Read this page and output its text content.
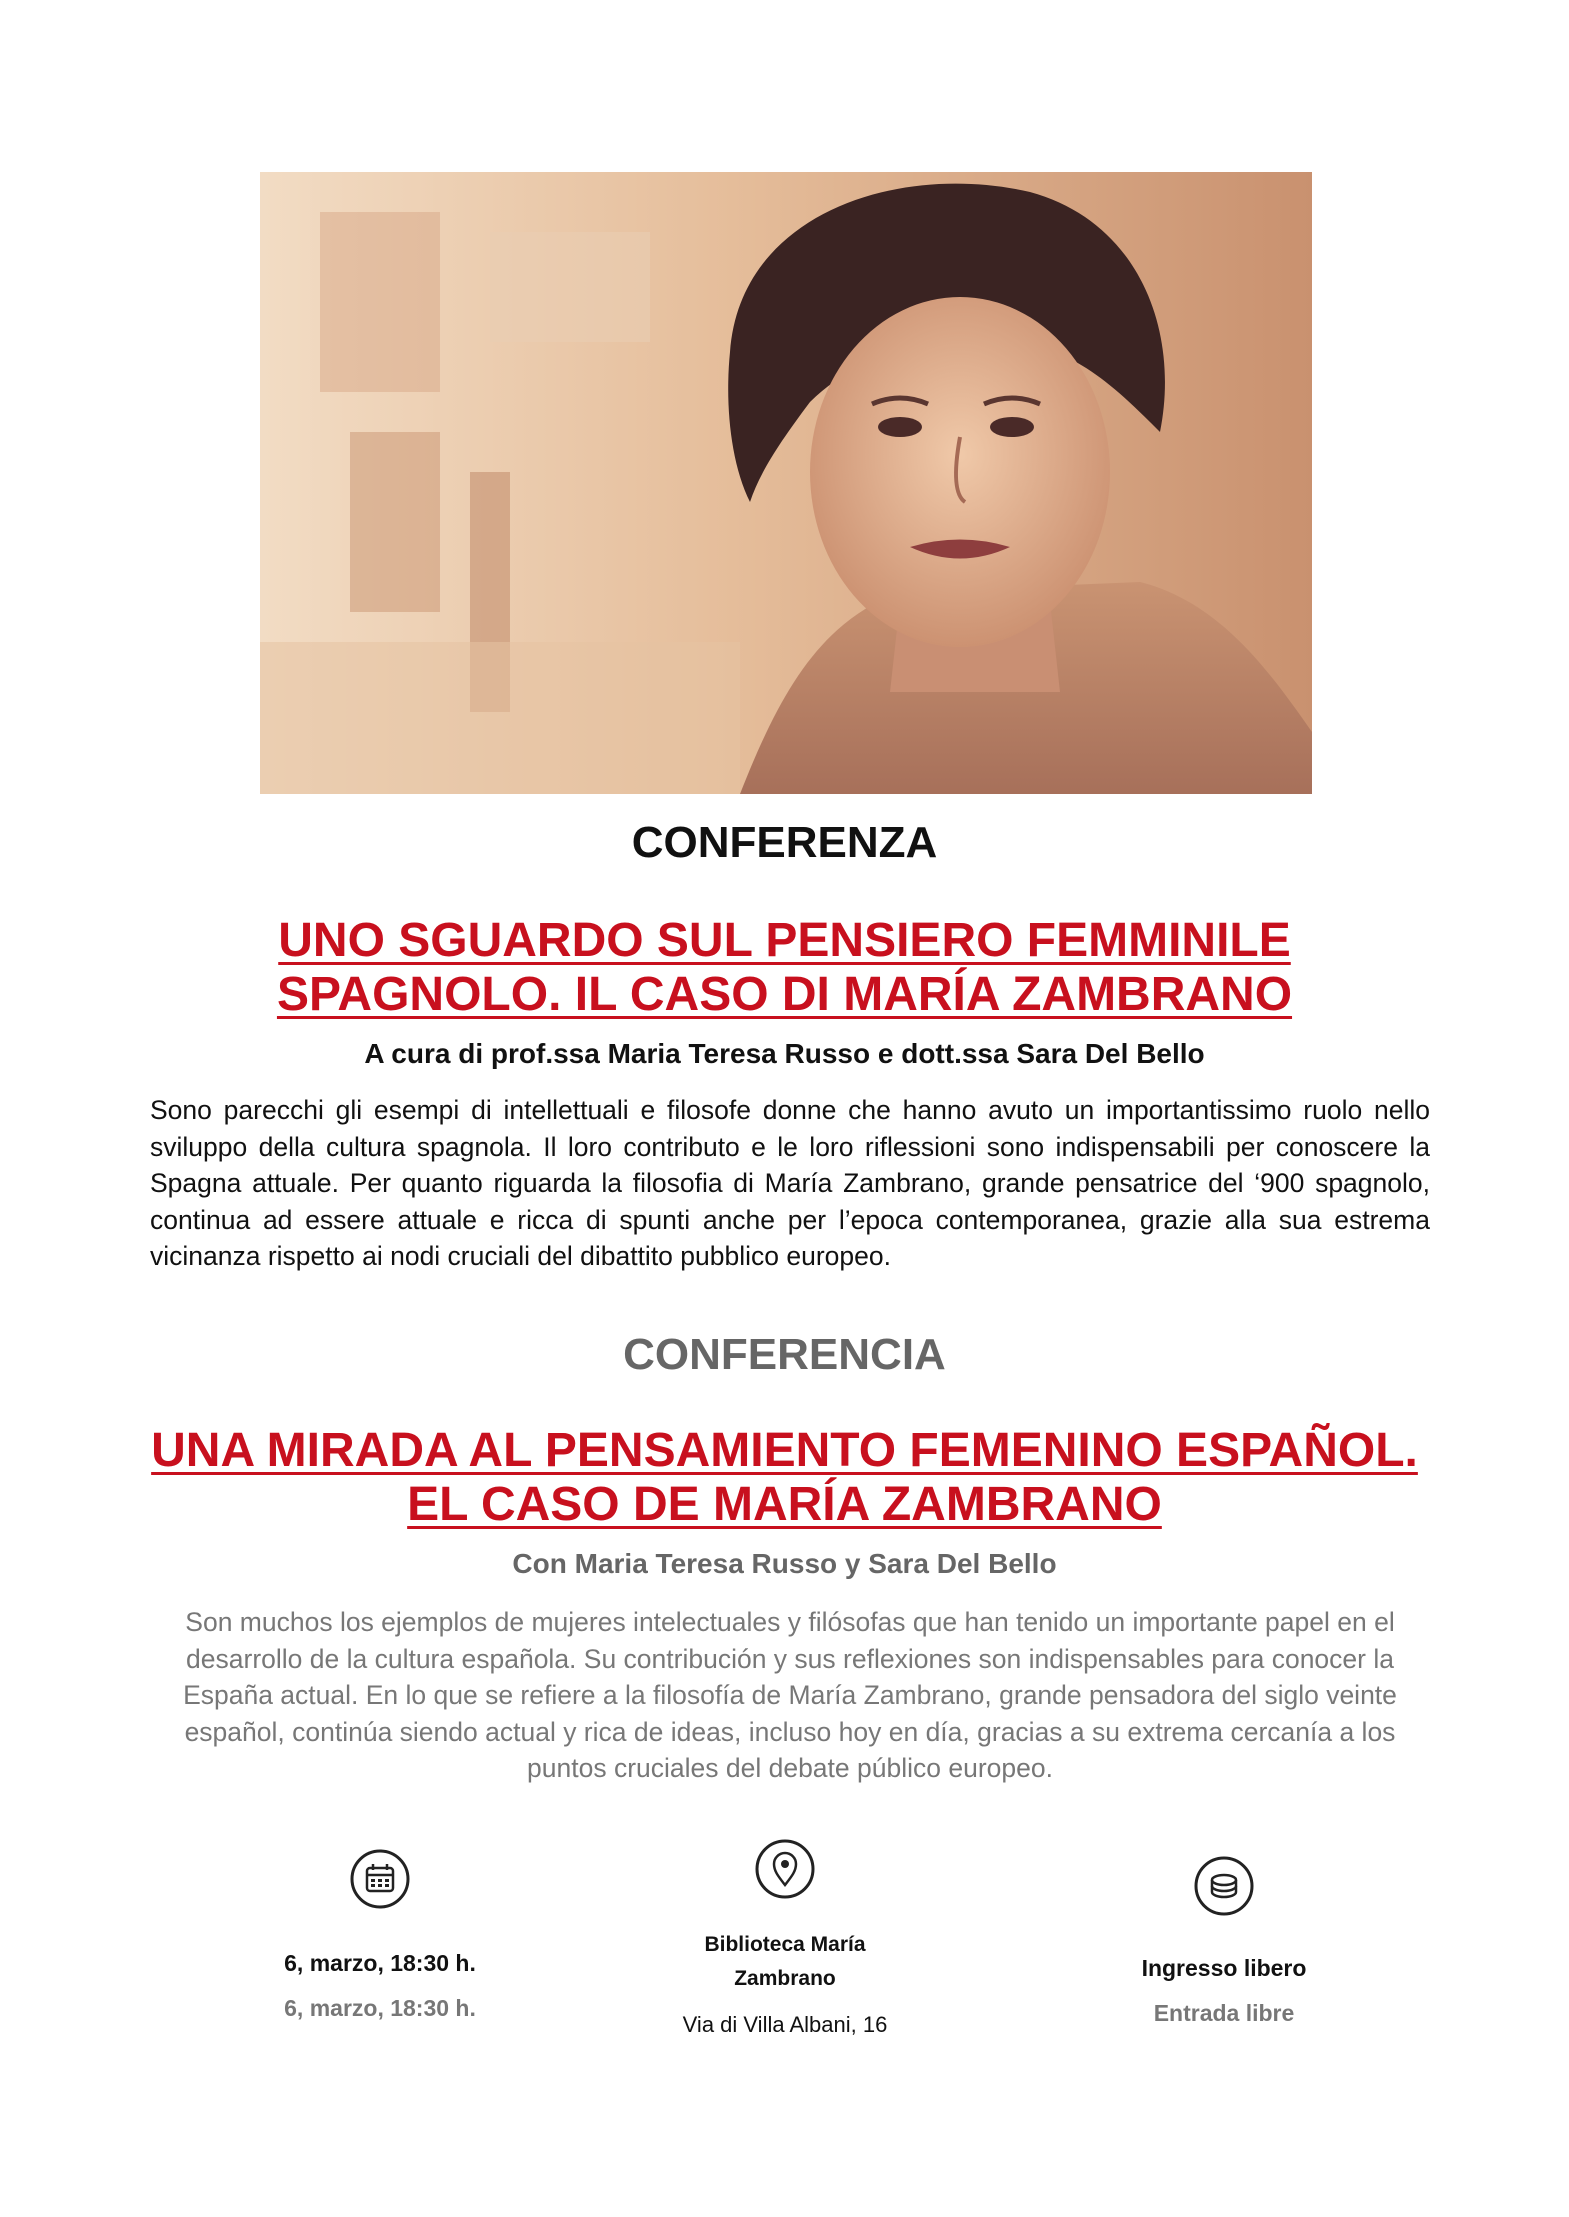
CONFERENZA
UNO SGUARDO SUL PENSIERO FEMMINILE
SPAGNOLO. IL CASO DI MARÍA ZAMBRANO
A cura di prof.ssa Maria Teresa Russo e dott.ssa Sara Del Bello
Sono parecchi gli esempi di intellettuali e filosofe donne che hanno avuto un importantissimo ruolo nello sviluppo della cultura spagnola. Il loro contributo e le loro riflessioni sono indispensabili per conoscere la Spagna attuale. Per quanto riguarda la filosofia di María Zambrano, grande pensatrice del ‘900 spagnolo, continua ad essere attuale e ricca di spunti anche per l’epoca contemporanea, grazie alla sua estrema vicinanza rispetto ai nodi cruciali del dibattito pubblico europeo.
CONFERENCIA
UNA MIRADA AL PENSAMIENTO FEMENINO ESPAÑOL.
EL CASO DE MARÍA ZAMBRANO
Con Maria Teresa Russo y Sara Del Bello
Son muchos los ejemplos de mujeres intelectuales y filósofas que han tenido un importante papel en el desarrollo de la cultura española. Su contribución y sus reflexiones son indispensables para conocer la España actual. En lo que se refiere a la filosofía de María Zambrano, grande pensadora del siglo veinte español, continúa siendo actual y rica de ideas, incluso hoy en día, gracias a su extrema cercanía a los puntos cruciales del debate público europeo.
6, marzo, 18:30 h.
6, marzo, 18:30 h.
Biblioteca María
Zambrano
Via di Villa Albani, 16
Ingresso libero
Entrada libre
